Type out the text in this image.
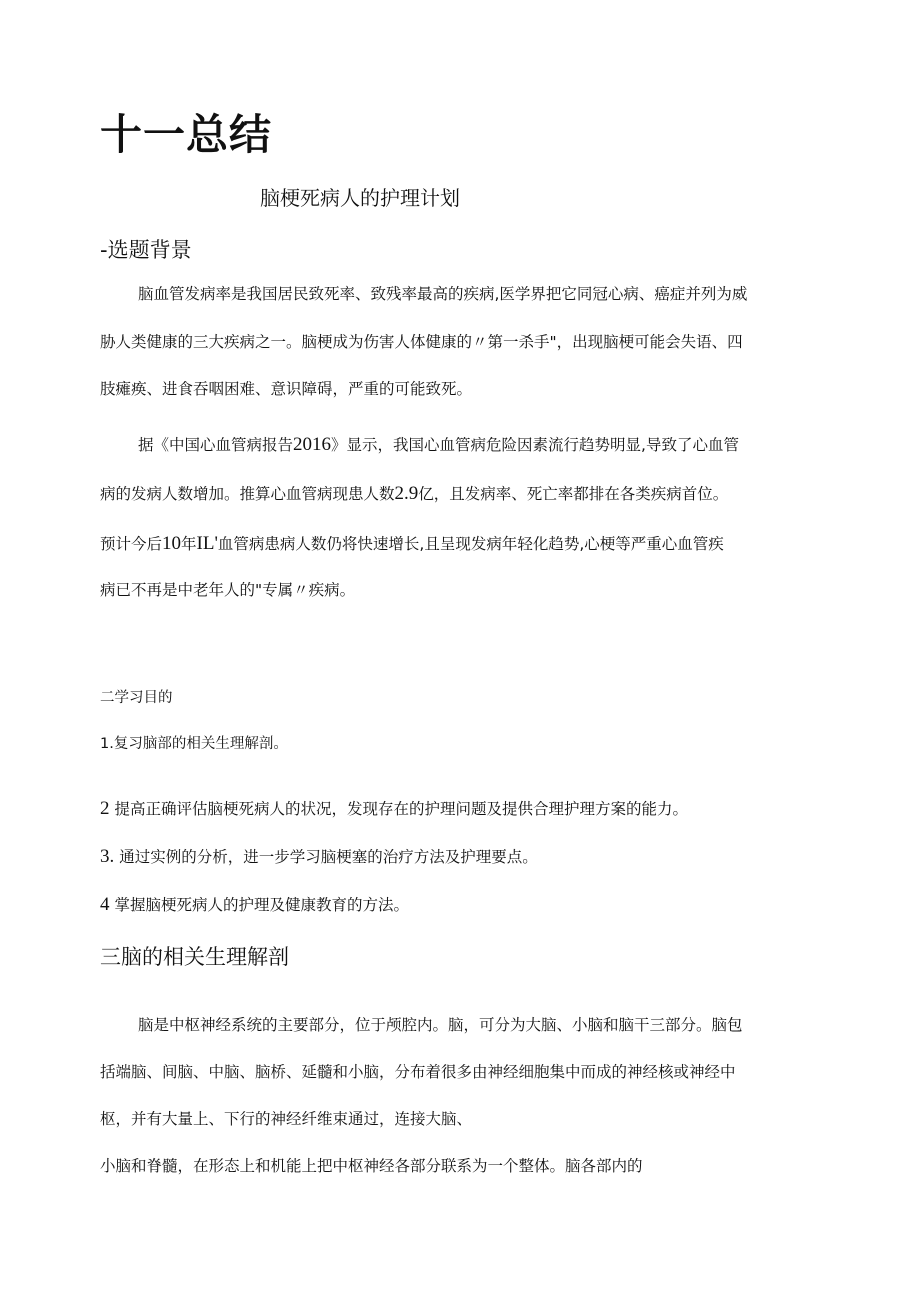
十一总结
脑梗死病人的护理计划
-选题背景
脑血管发病率是我国居民致死率、致残率最高的疾病,医学界把它同冠心病、癌症并列为威
胁人类健康的三大疾病之一。脑梗成为伤害人体健康的〃第一杀手"，出现脑梗可能会失语、四
肢瘫痪、进食吞咽困难、意识障碍，严重的可能致死。
据《中国心血管病报告2016》显示，我国心血管病危险因素流行趋势明显,导致了心血管
病的发病人数增加。推算心血管病现患人数2.9亿，且发病率、死亡率都排在各类疾病首位。
预计今后10年IL'血管病患病人数仍将快速增长,且呈现发病年轻化趋势,心梗等严重心血管疾
病已不再是中老年人的"专属〃疾病。
二学习目的
1.复习脑部的相关生理解剖。
2 提高正确评估脑梗死病人的状况，发现存在的护理问题及提供合理护理方案的能力。
3. 通过实例的分析，进一步学习脑梗塞的治疗方法及护理要点。
4 掌握脑梗死病人的护理及健康教育的方法。
三脑的相关生理解剖
脑是中枢神经系统的主要部分，位于颅腔内。脑，可分为大脑、小脑和脑干三部分。脑包
括端脑、间脑、中脑、脑桥、延髓和小脑，分布着很多由神经细胞集中而成的神经核或神经中
枢，并有大量上、下行的神经纤维束通过，连接大脑、
小脑和脊髓，在形态上和机能上把中枢神经各部分联系为一个整体。脑各部内的
